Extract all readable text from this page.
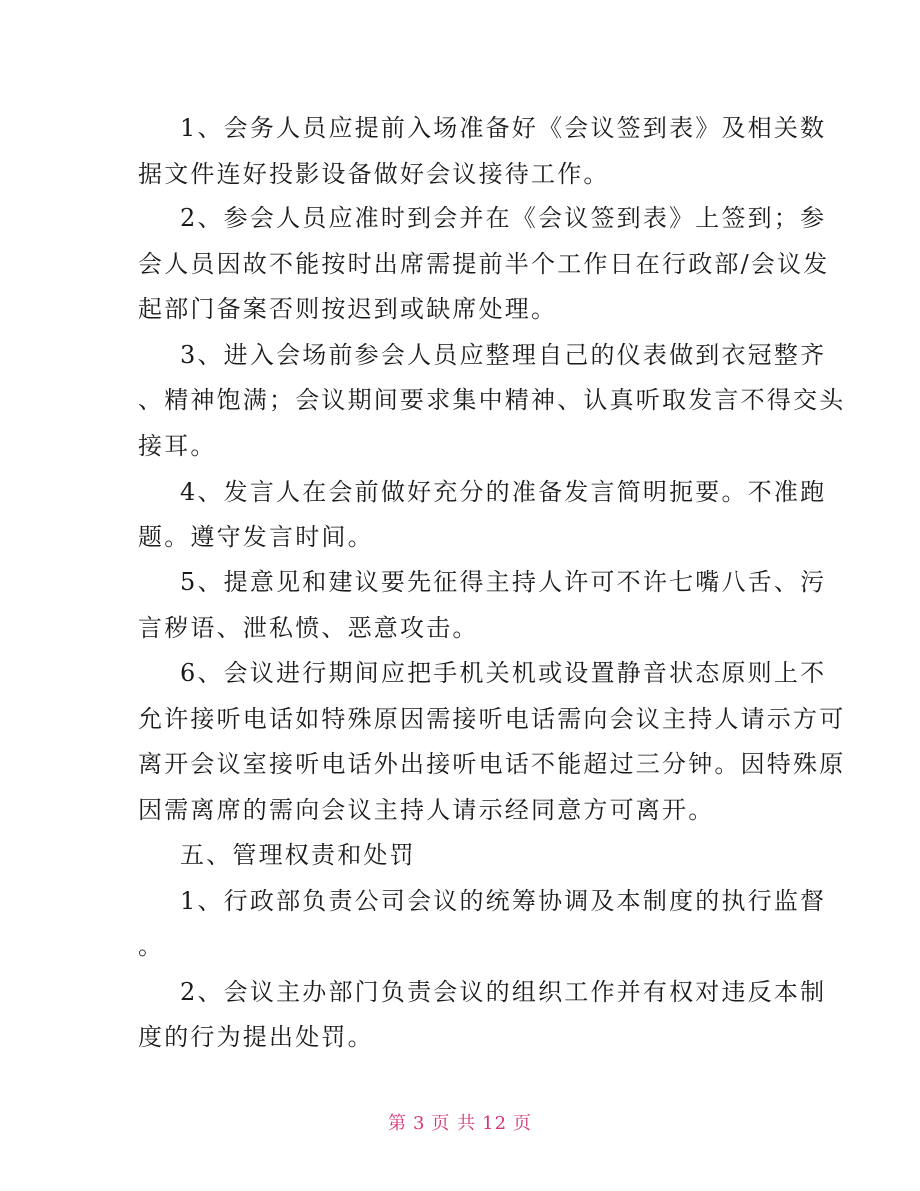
1、会务人员应提前入场准备好《会议签到表》及相关数
据文件连好投影设备做好会议接待工作。
2、参会人员应准时到会并在《会议签到表》上签到；参
会人员因故不能按时出席需提前半个工作日在行政部/会议发
起部门备案否则按迟到或缺席处理。
3、进入会场前参会人员应整理自己的仪表做到衣冠整齐
、精神饱满；会议期间要求集中精神、认真听取发言不得交头
接耳。
4、发言人在会前做好充分的准备发言简明扼要。不准跑
题。遵守发言时间。
5、提意见和建议要先征得主持人许可不许七嘴八舌、污
言秽语、泄私愤、恶意攻击。
6、会议进行期间应把手机关机或设置静音状态原则上不
允许接听电话如特殊原因需接听电话需向会议主持人请示方可
离开会议室接听电话外出接听电话不能超过三分钟。因特殊原
因需离席的需向会议主持人请示经同意方可离开。
五、管理权责和处罚
1、行政部负责公司会议的统筹协调及本制度的执行监督
。
2、会议主办部门负责会议的组织工作并有权对违反本制
度的行为提出处罚。
第 3 页 共 12 页
